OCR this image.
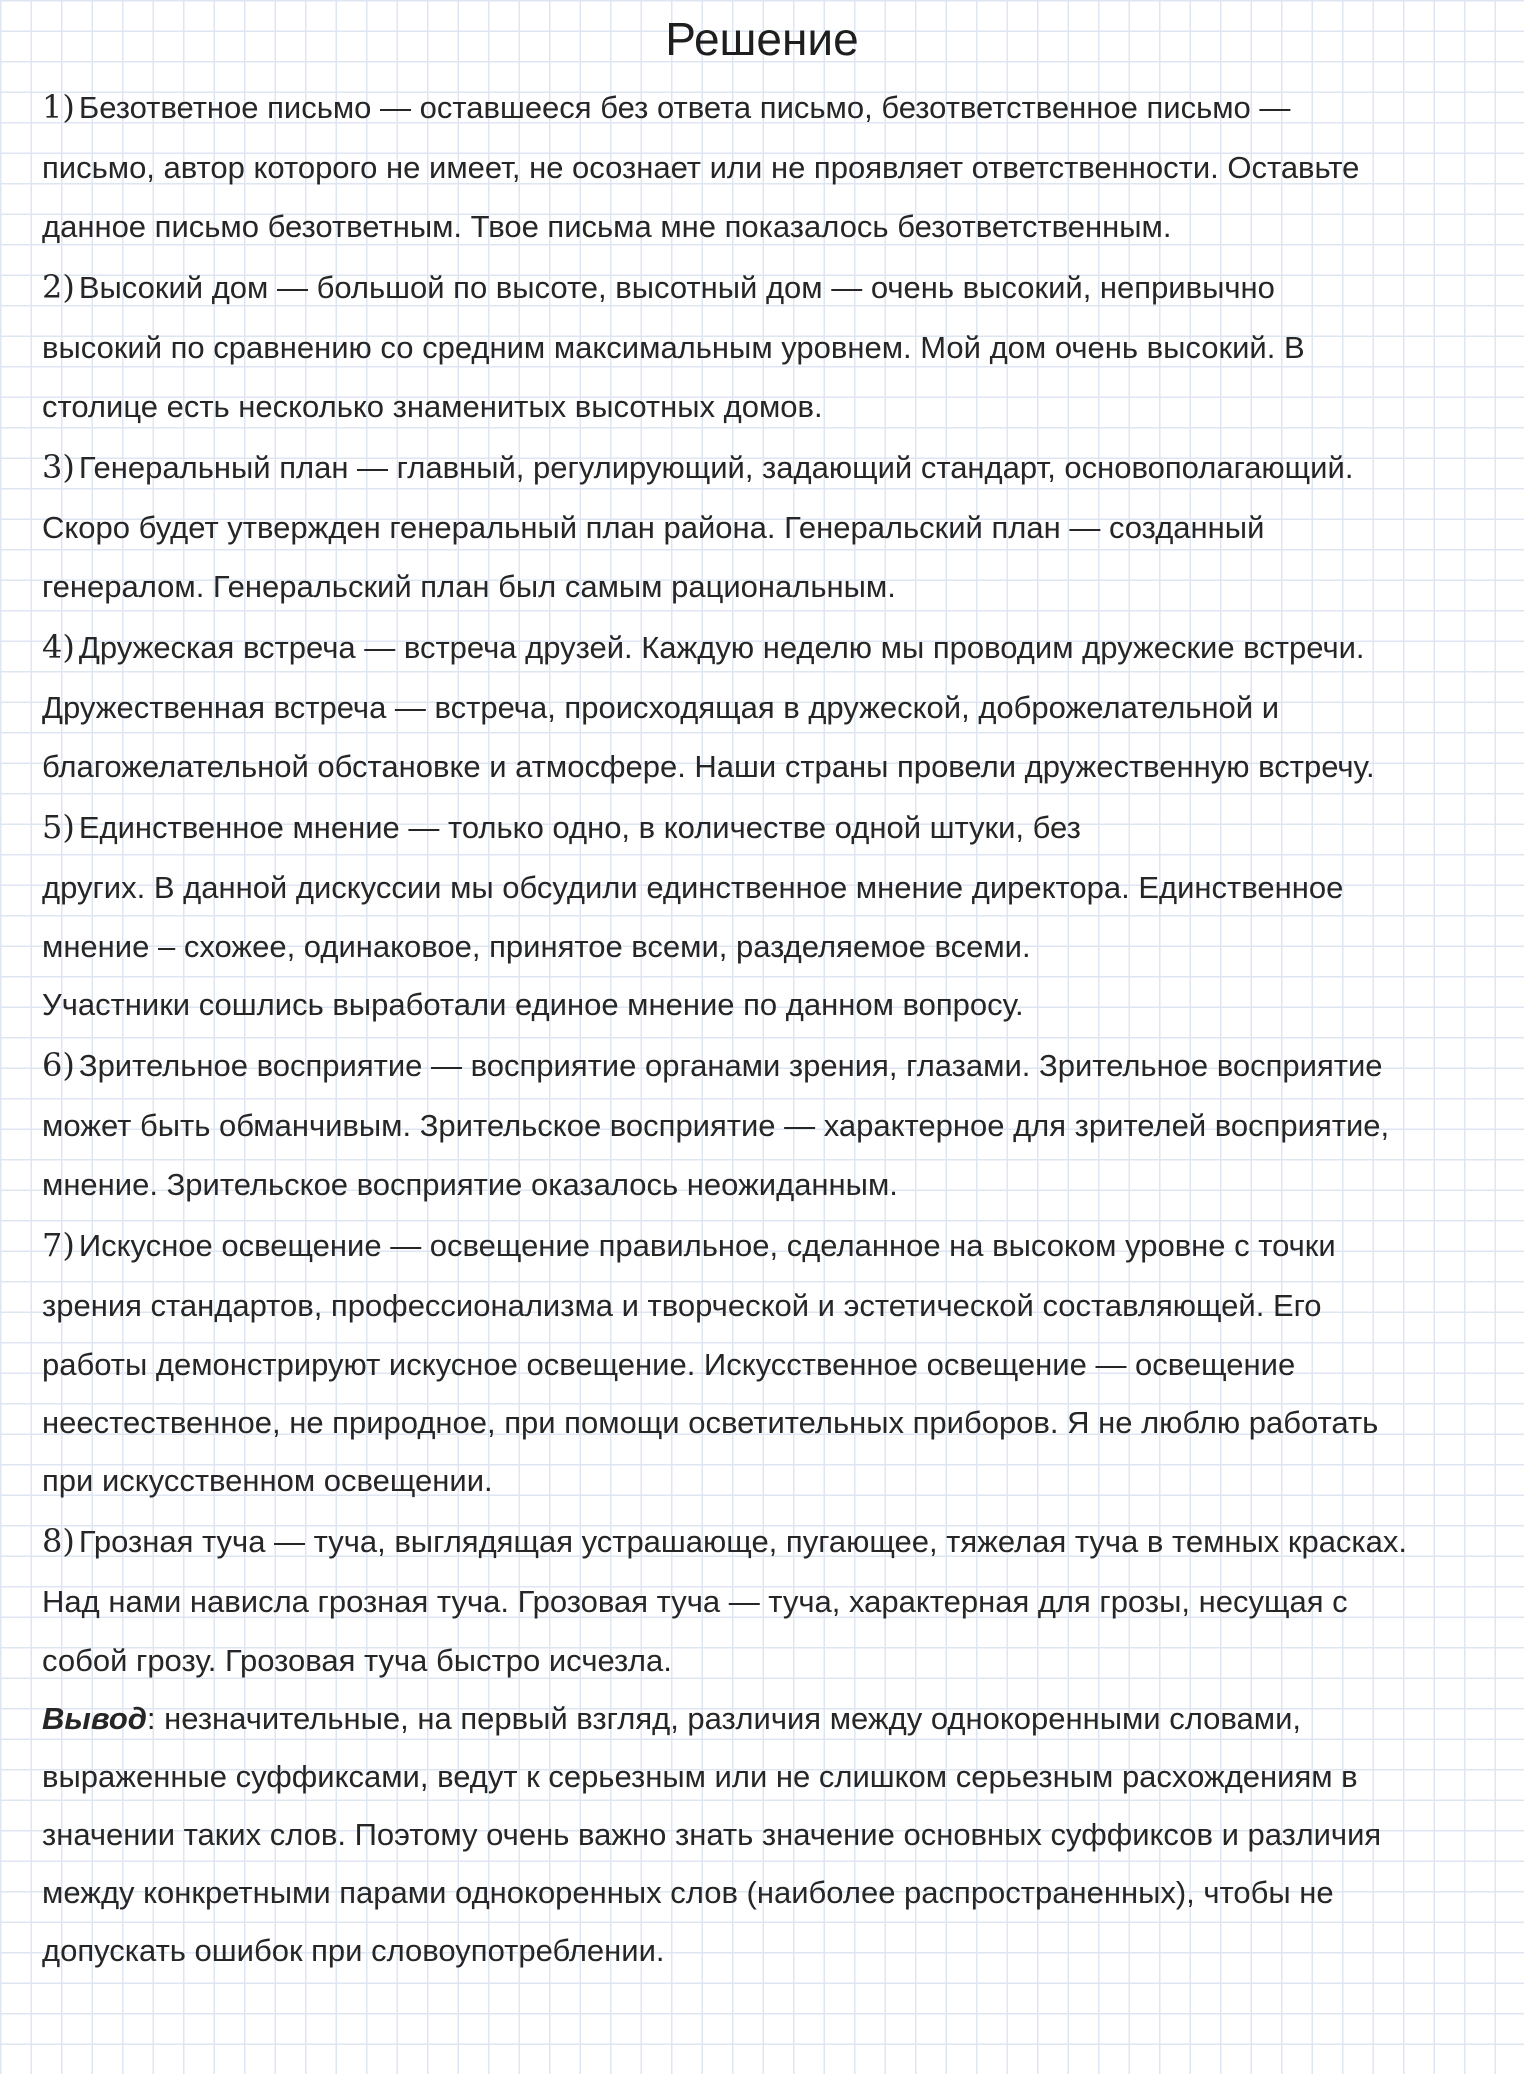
Решение
1) Безответное письмо — оставшееся без ответа письмо, безответственное письмо —
письмо, автор которого не имеет, не осознает или не проявляет ответственности. Оставьте
данное письмо безответным. Твое письма мне показалось безответственным.
2) Высокий дом — большой по высоте, высотный дом — очень высокий, непривычно
высокий по сравнению со средним максимальным уровнем. Мой дом очень высокий. В
столице есть несколько знаменитых высотных домов.
3) Генеральный план — главный, регулирующий, задающий стандарт, основополагающий.
Скоро будет утвержден генеральный план района. Генеральский план — созданный
генералом. Генеральский план был самым рациональным.
4) Дружеская встреча — встреча друзей. Каждую неделю мы проводим дружеские встречи.
Дружественная встреча — встреча, происходящая в дружеской, доброжелательной и
благожелательной обстановке и атмосфере. Наши страны провели дружественную встречу.
5) Единственное мнение — только одно, в количестве одной штуки, без
других. В данной дискуссии мы обсудили единственное мнение директора. Единственное
мнение – схожее, одинаковое, принятое всеми, разделяемое всеми.
Участники сошлись выработали единое мнение по данном вопросу.
6) Зрительное восприятие — восприятие органами зрения, глазами. Зрительное восприятие
может быть обманчивым. Зрительское восприятие — характерное для зрителей восприятие,
мнение. Зрительское восприятие оказалось неожиданным.
7) Искусное освещение — освещение правильное, сделанное на высоком уровне с точки
зрения стандартов, профессионализма и творческой и эстетической составляющей. Его
работы демонстрируют искусное освещение. Искусственное освещение — освещение
неестественное, не природное, при помощи осветительных приборов. Я не люблю работать
при искусственном освещении.
8) Грозная туча — туча, выглядящая устрашающе, пугающее, тяжелая туча в темных красках.
Над нами нависла грозная туча. Грозовая туча — туча, характерная для грозы, несущая с
собой грозу. Грозовая туча быстро исчезла.
Вывод: незначительные, на первый взгляд, различия между однокоренными словами,
выраженные суффиксами, ведут к серьезным или не слишком серьезным расхождениям в
значении таких слов. Поэтому очень важно знать значение основных суффиксов и различия
между конкретными парами однокоренных слов (наиболее распространенных), чтобы не
допускать ошибок при словоупотреблении.
